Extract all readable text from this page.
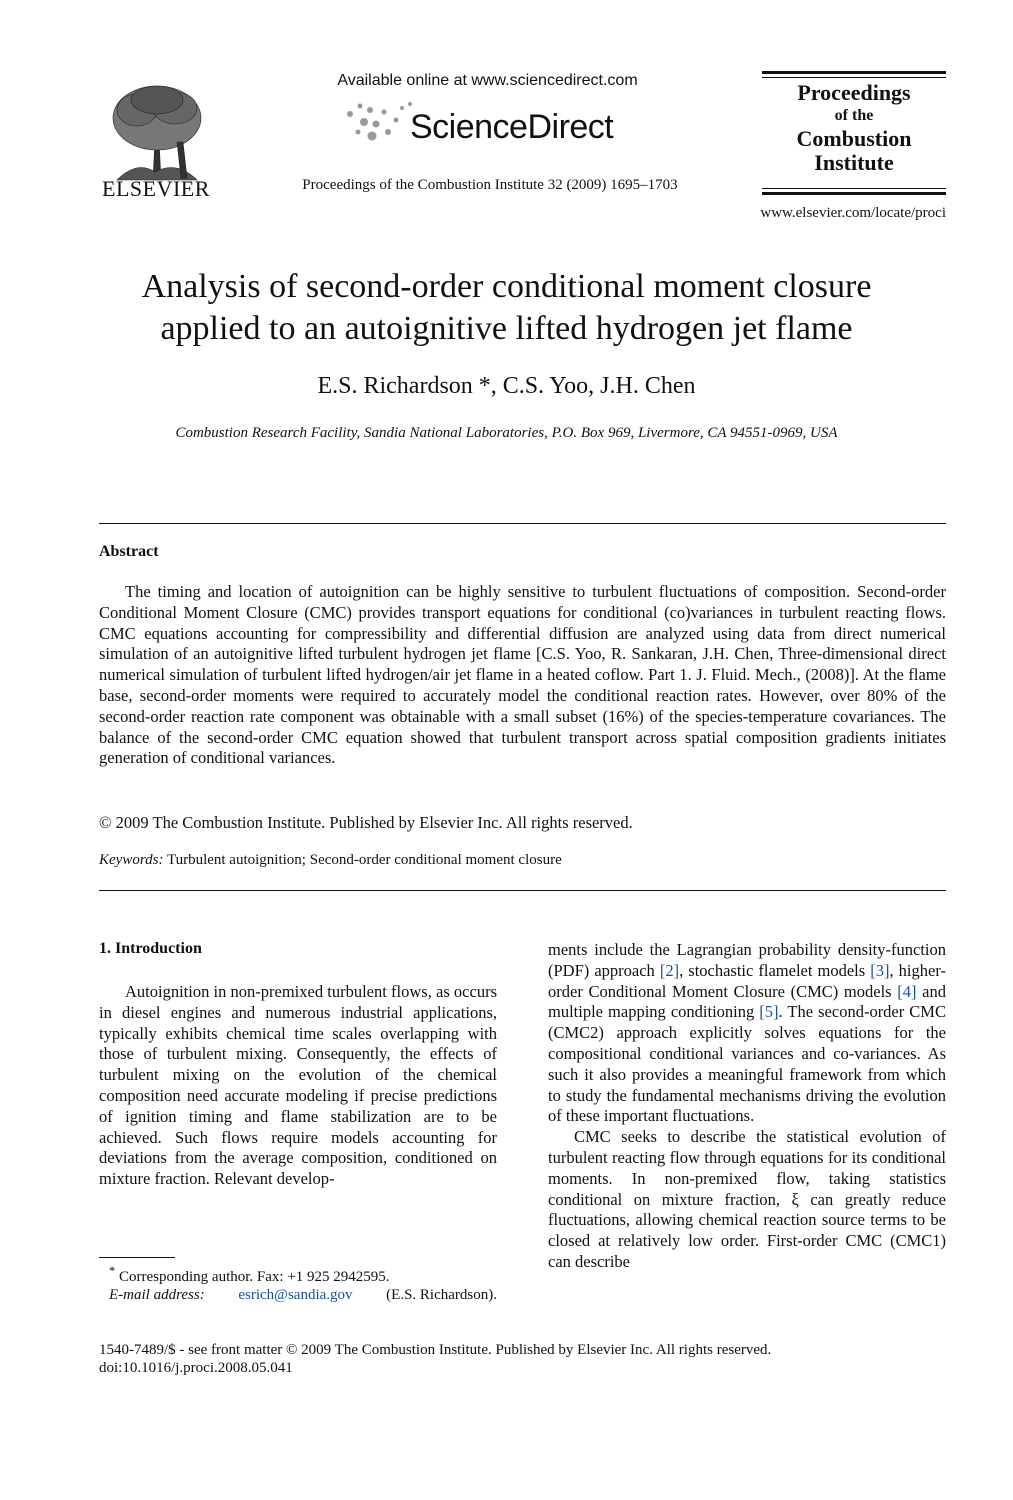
ELSEVIER
Available online at www.sciencedirect.com
ScienceDirect
Proceedings of the Combustion Institute 32 (2009) 1695–1703
Proceedings
of the
Combustion
Institute
www.elsevier.com/locate/proci
Analysis of second-order conditional moment closure
applied to an autoignitive lifted hydrogen jet flame
E.S. Richardson *, C.S. Yoo, J.H. Chen
Combustion Research Facility, Sandia National Laboratories, P.O. Box 969, Livermore, CA 94551-0969, USA
Abstract
The timing and location of autoignition can be highly sensitive to turbulent fluctuations of composition. Second-order Conditional Moment Closure (CMC) provides transport equations for conditional (co)variances in turbulent reacting flows. CMC equations accounting for compressibility and differential diffusion are analyzed using data from direct numerical simulation of an autoignitive lifted turbulent hydrogen jet flame [C.S. Yoo, R. Sankaran, J.H. Chen, Three-dimensional direct numerical simulation of turbulent lifted hydrogen/air jet flame in a heated coflow. Part 1. J. Fluid. Mech., (2008)]. At the flame base, second-order moments were required to accurately model the conditional reaction rates. However, over 80% of the second-order reaction rate component was obtainable with a small subset (16%) of the species-temperature covariances. The balance of the second-order CMC equation showed that turbulent transport across spatial composition gradients initiates generation of conditional variances.
© 2009 The Combustion Institute. Published by Elsevier Inc. All rights reserved.
Keywords: Turbulent autoignition; Second-order conditional moment closure
1. Introduction
Autoignition in non-premixed turbulent flows, as occurs in diesel engines and numerous industrial applications, typically exhibits chemical time scales overlapping with those of turbulent mixing. Consequently, the effects of turbulent mixing on the evolution of the chemical composition need accurate modeling if precise predictions of ignition timing and flame stabilization are to be achieved. Such flows require models accounting for deviations from the average composition, conditioned on mixture fraction. Relevant develop-

ments include the Lagrangian probability density-function (PDF) approach [2], stochastic flamelet models [3], higher-order Conditional Moment Closure (CMC) models [4] and multiple mapping conditioning [5]. The second-order CMC (CMC2) approach explicitly solves equations for the compositional conditional variances and co-variances. As such it also provides a meaningful framework from which to study the fundamental mechanisms driving the evolution of these important fluctuations.

CMC seeks to describe the statistical evolution of turbulent reacting flow through equations for its conditional moments. In non-premixed flow, taking statistics conditional on mixture fraction, ξ can greatly reduce fluctuations, allowing chemical reaction source terms to be closed at relatively low order. First-order CMC (CMC1) can describe

* Corresponding author. Fax: +1 925 2942595.
E-mail address: esrich@sandia.gov (E.S. Richardson).
1540-7489/$ - see front matter © 2009 The Combustion Institute. Published by Elsevier Inc. All rights reserved.
doi:10.1016/j.proci.2008.05.041
